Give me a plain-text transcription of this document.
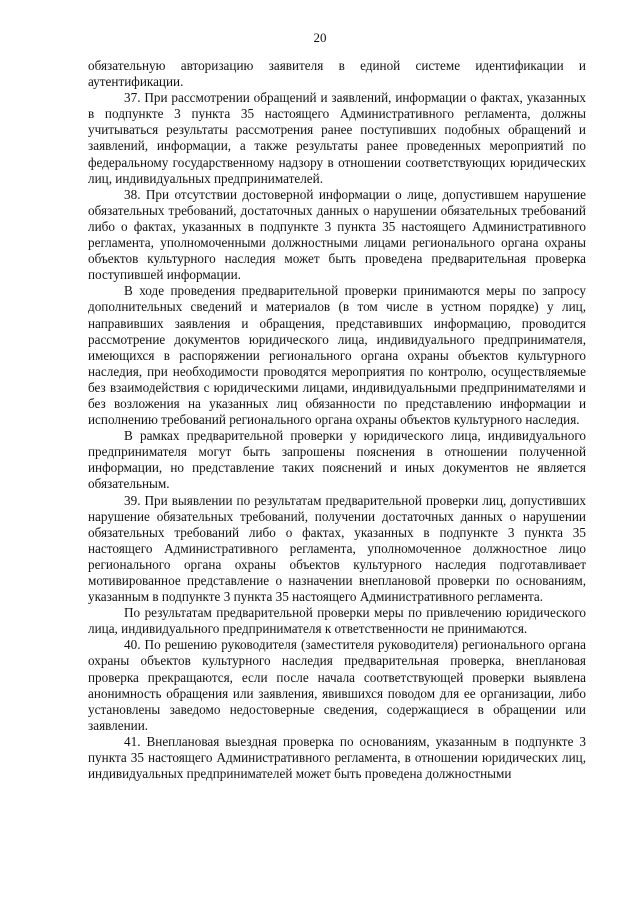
20

обязательную авторизацию заявителя в единой системе идентификации и аутентификации.

37. При рассмотрении обращений и заявлений, информации о фактах, указанных в подпункте 3 пункта 35 настоящего Административного регламента, должны учитываться результаты рассмотрения ранее поступивших подобных обращений и заявлений, информации, а также результаты ранее проведенных мероприятий по федеральному государственному надзору в отношении соответствующих юридических лиц, индивидуальных предпринимателей.

38. При отсутствии достоверной информации о лице, допустившем нарушение обязательных требований, достаточных данных о нарушении обязательных требований либо о фактах, указанных в подпункте 3 пункта 35 настоящего Административного регламента, уполномоченными должностными лицами регионального органа охраны объектов культурного наследия может быть проведена предварительная проверка поступившей информации.

В ходе проведения предварительной проверки принимаются меры по запросу дополнительных сведений и материалов (в том числе в устном порядке) у лиц, направивших заявления и обращения, представивших информацию, проводится рассмотрение документов юридического лица, индивидуального предпринимателя, имеющихся в распоряжении регионального органа охраны объектов культурного наследия, при необходимости проводятся мероприятия по контролю, осуществляемые без взаимодействия с юридическими лицами, индивидуальными предпринимателями и без возложения на указанных лиц обязанности по представлению информации и исполнению требований регионального органа охраны объектов культурного наследия.

В рамках предварительной проверки у юридического лица, индивидуального предпринимателя могут быть запрошены пояснения в отношении полученной информации, но представление таких пояснений и иных документов не является обязательным.

39. При выявлении по результатам предварительной проверки лиц, допустивших нарушение обязательных требований, получении достаточных данных о нарушении обязательных требований либо о фактах, указанных в подпункте 3 пункта 35 настоящего Административного регламента, уполномоченное должностное лицо регионального органа охраны объектов культурного наследия подготавливает мотивированное представление о назначении внеплановой проверки по основаниям, указанным в подпункте 3 пункта 35 настоящего Административного регламента.

По результатам предварительной проверки меры по привлечению юридического лица, индивидуального предпринимателя к ответственности не принимаются.

40. По решению руководителя (заместителя руководителя) регионального органа охраны объектов культурного наследия предварительная проверка, внеплановая проверка прекращаются, если после начала соответствующей проверки выявлена анонимность обращения или заявления, явившихся поводом для ее организации, либо установлены заведомо недостоверные сведения, содержащиеся в обращении или заявлении.

41. Внеплановая выездная проверка по основаниям, указанным в подпункте 3 пункта 35 настоящего Административного регламента, в отношении юридических лиц, индивидуальных предпринимателей может быть проведена должностными
